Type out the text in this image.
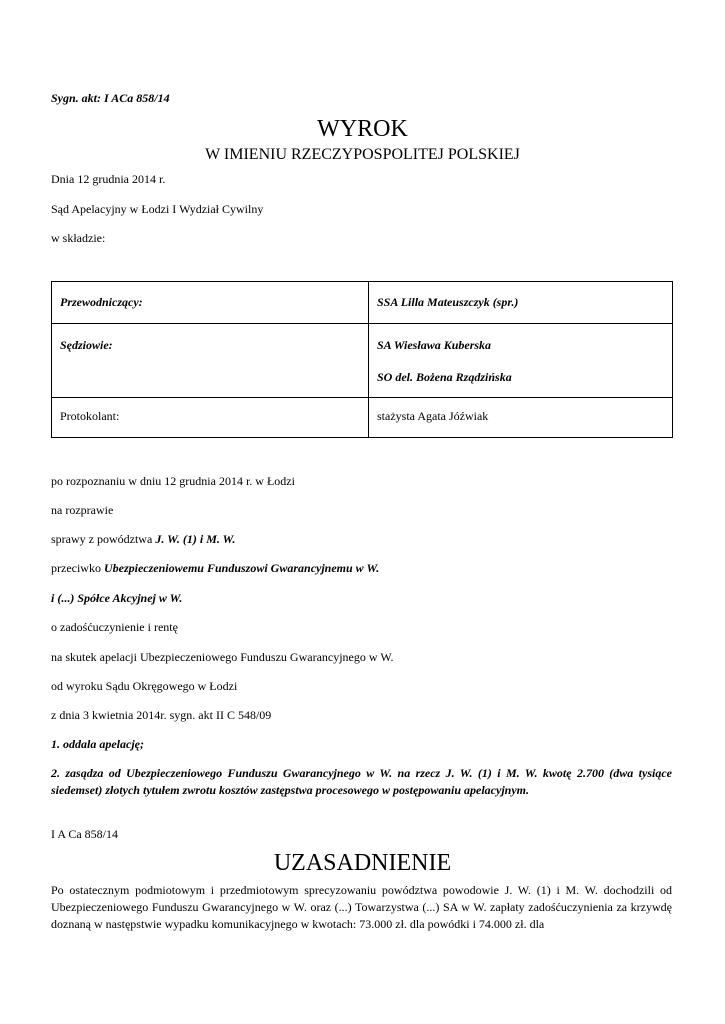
Sygn. akt: I ACa 858/14

WYROK

W IMIENIU RZECZYPOSPOLITEJ POLSKIEJ

Dnia 12 grudnia 2014 r.

Sąd Apelacyjny w Łodzi I Wydział Cywilny

w składzie:

Przewodniczący:	SSA Lilla Mateuszczyk (spr.)

Sędziowie:	SA Wiesława Kuberska
SO del. Bożena Rządzińska

Protokolant:	stażysta Agata Jóźwiak

po rozpoznaniu w dniu 12 grudnia 2014 r. w Łodzi

na rozprawie

sprawy z powództwa J. W. (1) i M. W.

przeciwko Ubezpieczeniowemu Funduszowi Gwarancyjnemu w W.

i (...) Spółce Akcyjnej w W.

o zadośćuczynienie i rentę

na skutek apelacji Ubezpieczeniowego Funduszu Gwarancyjnego w W.

od wyroku Sądu Okręgowego w Łodzi

z dnia 3 kwietnia 2014r. sygn. akt II C 548/09

1. oddala apelację;

2. zasądza od Ubezpieczeniowego Funduszu Gwarancyjnego w W. na rzecz J. W. (1) i M. W. kwotę 2.700 (dwa tysiące siedemset) złotych tytułem zwrotu kosztów zastępstwa procesowego w postępowaniu apelacyjnym.

I A Ca 858/14

UZASADNIENIE

Po ostatecznym podmiotowym i przedmiotowym sprecyzowaniu powództwa powodowie J. W. (1) i M. W. dochodzili od Ubezpieczeniowego Funduszu Gwarancyjnego w W. oraz (...) Towarzystwa (...) SA w W. zapłaty zadośćuczynienia za krzywdę doznaną w następstwie wypadku komunikacyjnego w kwotach: 73.000 zł. dla powódki i 74.000 zł. dla
